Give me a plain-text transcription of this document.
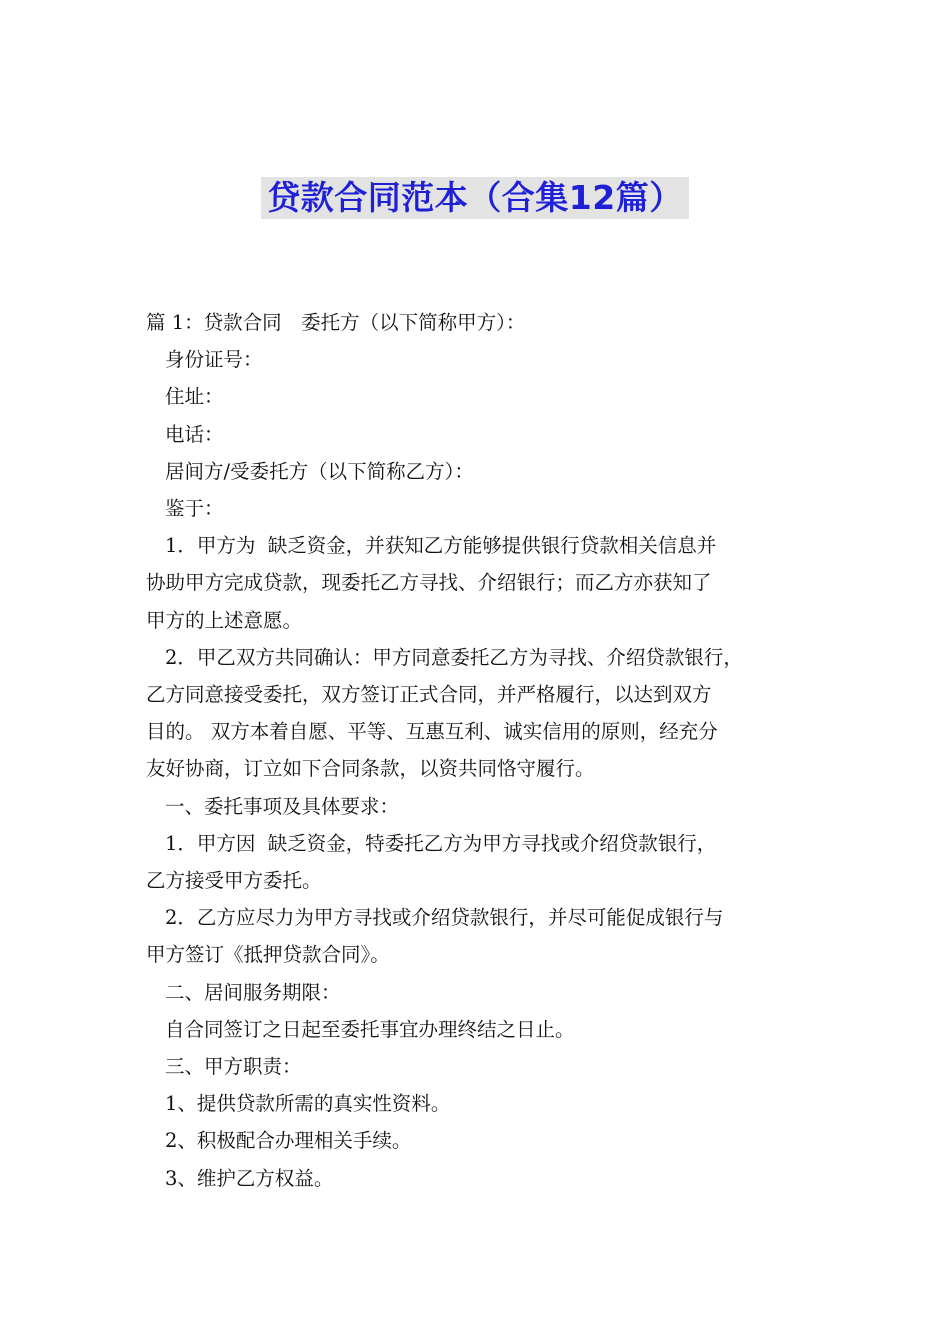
贷款合同范本（合集12篇）

篇 1：贷款合同　委托方（以下简称甲方）：

身份证号：

住址：

电话：

居间方/受委托方（以下简称乙方）：

鉴于：

1．甲方为  缺乏资金，并获知乙方能够提供银行贷款相关信息并

协助甲方完成贷款，现委托乙方寻找、介绍银行；而乙方亦获知了

甲方的上述意愿。

2．甲乙双方共同确认：甲方同意委托乙方为寻找、介绍贷款银行，

乙方同意接受委托，双方签订正式合同，并严格履行，以达到双方

目的。 双方本着自愿、平等、互惠互利、诚实信用的原则，经充分

友好协商，订立如下合同条款，以资共同恪守履行。

一、委托事项及具体要求：

1．甲方因  缺乏资金，特委托乙方为甲方寻找或介绍贷款银行，

乙方接受甲方委托。

2．乙方应尽力为甲方寻找或介绍贷款银行，并尽可能促成银行与

甲方签订《抵押贷款合同》。

二、居间服务期限：

自合同签订之日起至委托事宜办理终结之日止。

三、甲方职责：

1、提供贷款所需的真实性资料。

2、积极配合办理相关手续。

3、维护乙方权益。
